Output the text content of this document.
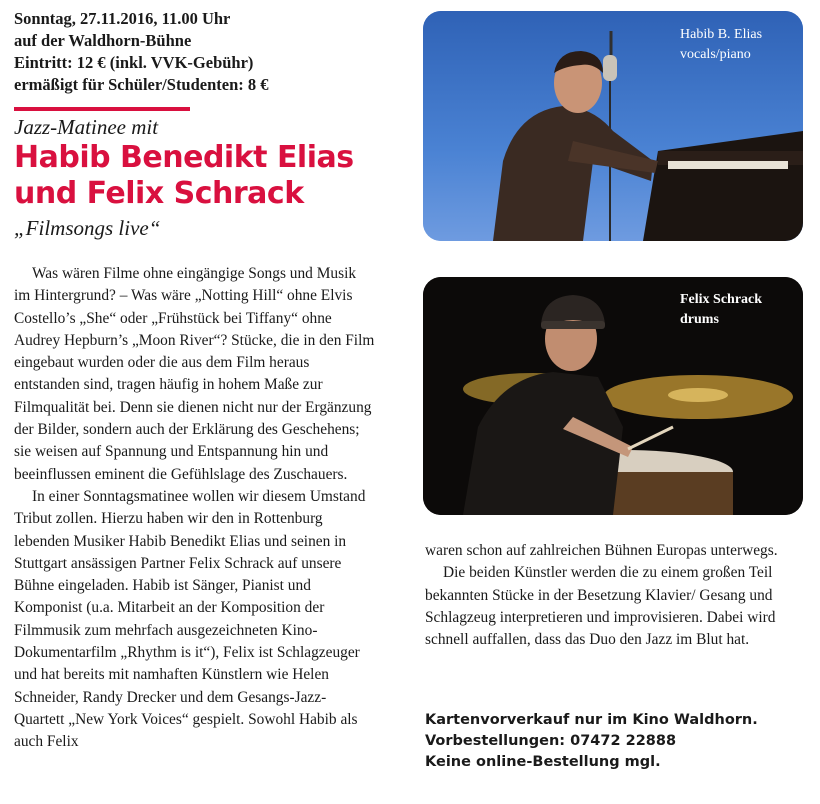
Sonntag, 27.11.2016, 11.00 Uhr
auf der Waldhorn-Bühne
Eintritt: 12 € (inkl. VVK-Gebühr)
ermäßigt für Schüler/Studenten: 8 €
Jazz-Matinee mit
Habib Benedikt Elias
und Felix Schrack
„Filmsongs live“

Was wären Filme ohne eingängige Songs und Musik im Hintergrund? – Was wäre „Notting Hill“ ohne Elvis Costello’s „She“ oder „Frühstück bei Tiffany“ ohne Audrey Hepburn’s „Moon River“? Stücke, die in den Film eingebaut wurden oder die aus dem Film heraus entstanden sind, tragen häufig in hohem Maße zur Filmqualität bei. Denn sie dienen nicht nur der Ergänzung der Bilder, sondern auch der Erklärung des Geschehens; sie weisen auf Spannung und Entspannung hin und beeinflussen eminent die Gefühlslage des Zuschauers.

In einer Sonntagsmatinee wollen wir diesem Umstand Tribut zollen. Hierzu haben wir den in Rottenburg lebenden Musiker Habib Benedikt Elias und seinen in Stuttgart ansässigen Partner Felix Schrack auf unsere Bühne eingeladen. Habib ist Sänger, Pianist und Komponist (u.a. Mitarbeit an der Komposition der Filmmusik zum mehrfach ausgezeichneten Kino-Dokumentarfilm „Rhythm is it“), Felix ist Schlagzeuger und hat bereits mit namhaften Künstlern wie Helen Schneider, Randy Drecker und dem Gesangs-Jazz-Quartett „New York Voices“ gespielt. Sowohl Habib als auch Felix

Habib B. Elias
vocals/piano
Felix Schrack
drums

waren schon auf zahlreichen Bühnen Europas unterwegs.

Die beiden Künstler werden die zu einem großen Teil bekannten Stücke in der Besetzung Klavier/ Gesang und Schlagzeug interpretieren und improvisieren. Dabei wird schnell auffallen, dass das Duo den Jazz im Blut hat.

Kartenvorverkauf nur im Kino Waldhorn.
Vorbestellungen: 07472 22888
Keine online-Bestellung mgl.
